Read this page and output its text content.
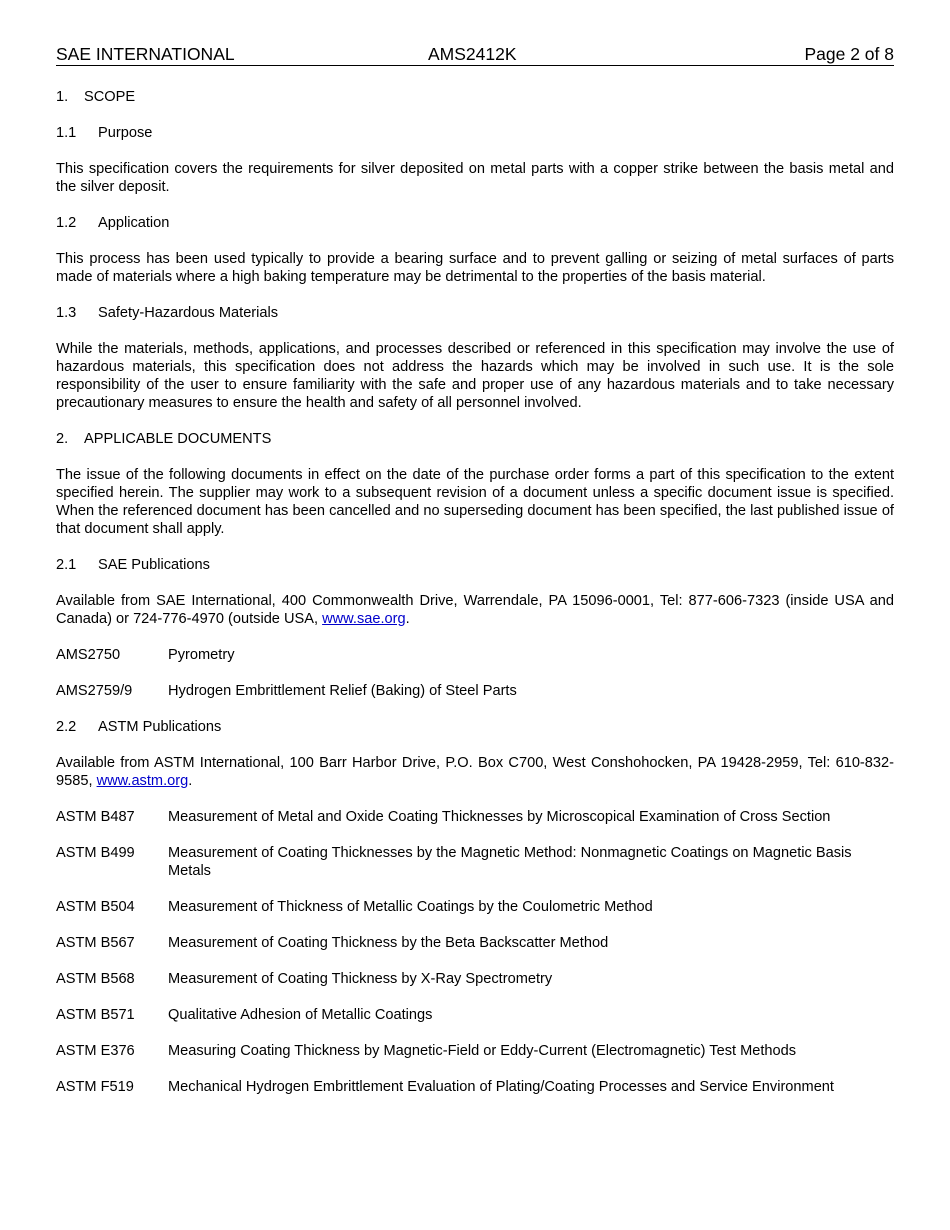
SAE INTERNATIONAL	AMS2412K	Page 2 of 8
1. SCOPE
1.1 Purpose

This specification covers the requirements for silver deposited on metal parts with a copper strike between the basis metal and the silver deposit.

1.2 Application

This process has been used typically to provide a bearing surface and to prevent galling or seizing of metal surfaces of parts made of materials where a high baking temperature may be detrimental to the properties of the basis material.

1.3 Safety-Hazardous Materials

While the materials, methods, applications, and processes described or referenced in this specification may involve the use of hazardous materials, this specification does not address the hazards which may be involved in such use. It is the sole responsibility of the user to ensure familiarity with the safe and proper use of any hazardous materials and to take necessary precautionary measures to ensure the health and safety of all personnel involved.

2. APPLICABLE DOCUMENTS

The issue of the following documents in effect on the date of the purchase order forms a part of this specification to the extent specified herein. The supplier may work to a subsequent revision of a document unless a specific document issue is specified. When the referenced document has been cancelled and no superseding document has been specified, the last published issue of that document shall apply.

2.1 SAE Publications

Available from SAE International, 400 Commonwealth Drive, Warrendale, PA 15096-0001, Tel: 877-606-7323 (inside USA and Canada) or 724-776-4970 (outside USA, www.sae.org.

AMS2750	Pyrometry
AMS2759/9	Hydrogen Embrittlement Relief (Baking) of Steel Parts
2.2 ASTM Publications

Available from ASTM International, 100 Barr Harbor Drive, P.O. Box C700, West Conshohocken, PA 19428-2959, Tel: 610-832-9585, www.astm.org.

ASTM B487	Measurement of Metal and Oxide Coating Thicknesses by Microscopical Examination of Cross Section
ASTM B499	Measurement of Coating Thicknesses by the Magnetic Method: Nonmagnetic Coatings on Magnetic Basis Metals
ASTM B504	Measurement of Thickness of Metallic Coatings by the Coulometric Method
ASTM B567	Measurement of Coating Thickness by the Beta Backscatter Method
ASTM B568	Measurement of Coating Thickness by X-Ray Spectrometry
ASTM B571	Qualitative Adhesion of Metallic Coatings
ASTM E376	Measuring Coating Thickness by Magnetic-Field or Eddy-Current (Electromagnetic) Test Methods
ASTM F519	Mechanical Hydrogen Embrittlement Evaluation of Plating/Coating Processes and Service Environment
